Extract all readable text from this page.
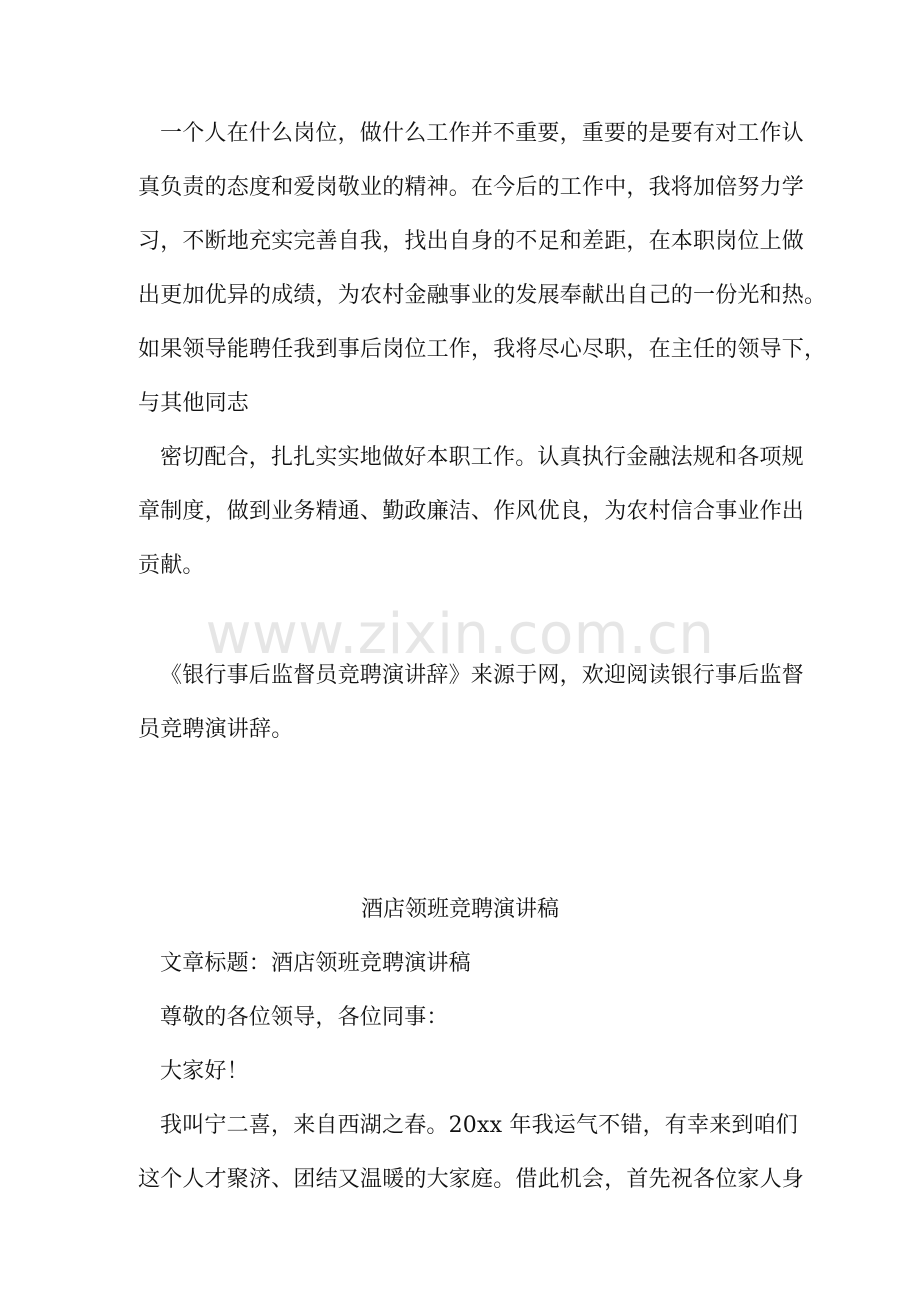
一个人在什么岗位，做什么工作并不重要，重要的是要有对工作认
真负责的态度和爱岗敬业的精神。在今后的工作中，我将加倍努力学
习，不断地充实完善自我，找出自身的不足和差距，在本职岗位上做
出更加优异的成绩，为农村金融事业的发展奉献出自己的一份光和热。
如果领导能聘任我到事后岗位工作，我将尽心尽职，在主任的领导下，
与其他同志
密切配合，扎扎实实地做好本职工作。认真执行金融法规和各项规
章制度，做到业务精通、勤政廉洁、作风优良，为农村信合事业作出
贡献。
www.zixin.com.cn
《银行事后监督员竞聘演讲辞》来源于网，欢迎阅读银行事后监督
员竞聘演讲辞。
酒店领班竞聘演讲稿
文章标题：酒店领班竞聘演讲稿
尊敬的各位领导，各位同事：
大家好！
我叫宁二喜，来自西湖之春。20xx 年我运气不错，有幸来到咱们
这个人才聚济、团结又温暖的大家庭。借此机会，首先祝各位家人身
